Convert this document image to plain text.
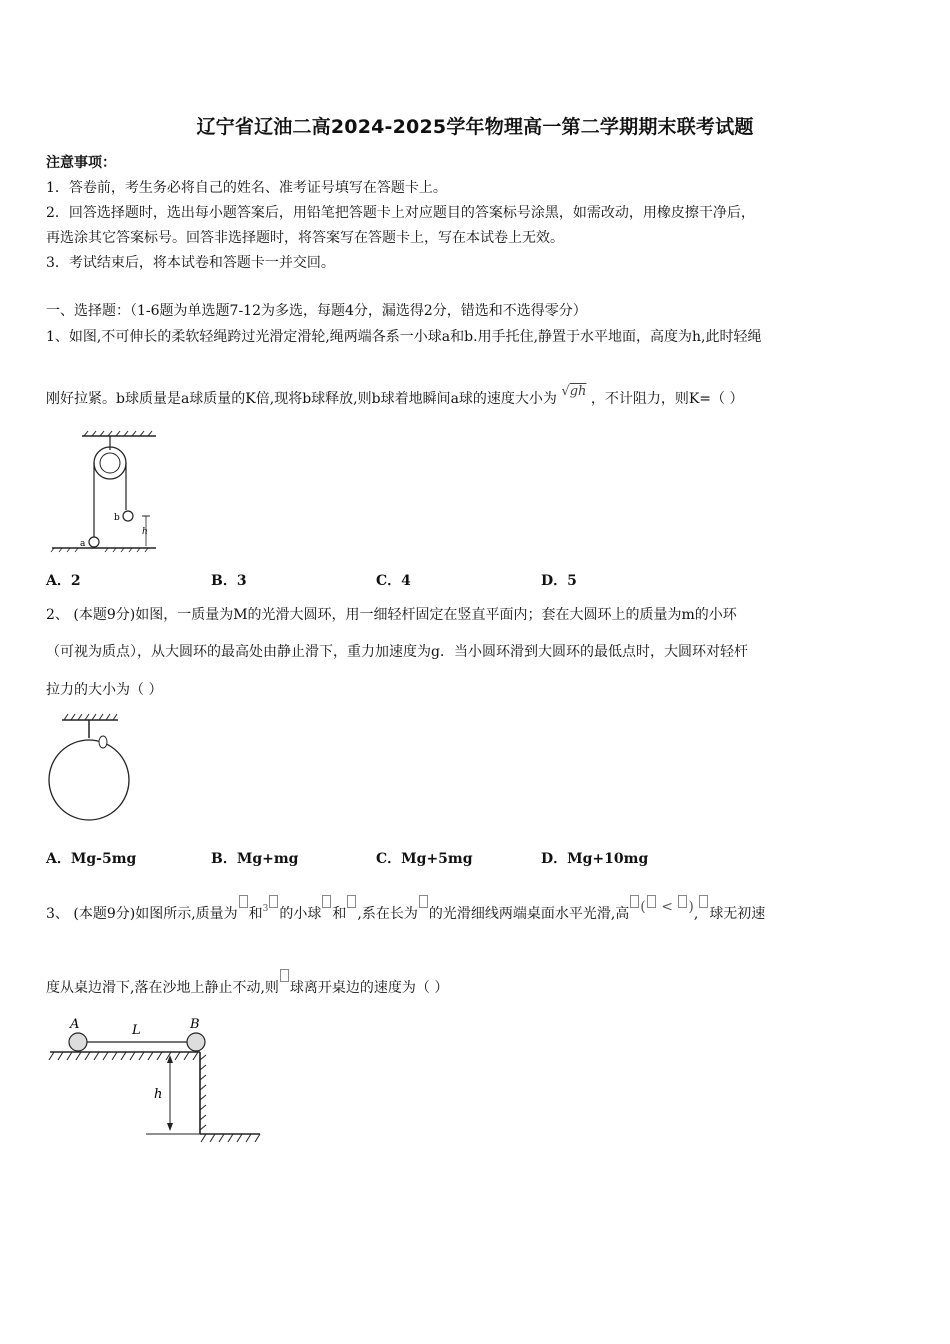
辽宁省辽油二高2024-2025学年物理高一第二学期期末联考试题
注意事项：
1．答卷前，考生务必将自己的姓名、准考证号填写在答题卡上。
2．回答选择题时，选出每小题答案后，用铅笔把答题卡上对应题目的答案标号涂黑，如需改动，用橡皮擦干净后，
再选涂其它答案标号。回答非选择题时，将答案写在答题卡上，写在本试卷上无效。
3．考试结束后，将本试卷和答题卡一并交回。
一、选择题：（1-6题为单选题7-12为多选，每题4分，漏选得2分，错选和不选得零分）
1、如图,不可伸长的柔软轻绳跨过光滑定滑轮,绳两端各系一小球a和b.用手托住,静置于水平地面，高度为h,此时轻绳
刚好拉紧。b球质量是a球质量的K倍,现将b球释放,则b球着地瞬间a球的速度大小为 √gh ，不计阻力，则K=（ ）
b
h
a
A．2	B．3	C．4	D．5
2、 (本题9分)如图，一质量为M的光滑大圆环，用一细轻杆固定在竖直平面内；套在大圆环上的质量为m的小环
（可视为质点），从大圆环的最高处由静止滑下，重力加速度为g．当小圆环滑到大圆环的最低点时，大圆环对轻杆
拉力的大小为（ ）
A．Mg-5mg	B．Mg+mg	C．Mg+5mg	D．Mg+10mg
3、 (本题9分)如图所示,质量为 和$^3$ 的小球 和 ,系在长为 的光滑细线两端桌面水平光滑,高 ( < ), 球无初速
度从桌边滑下,落在沙地上静止不动,则 球离开桌边的速度为（ ）
A	L	B
h
